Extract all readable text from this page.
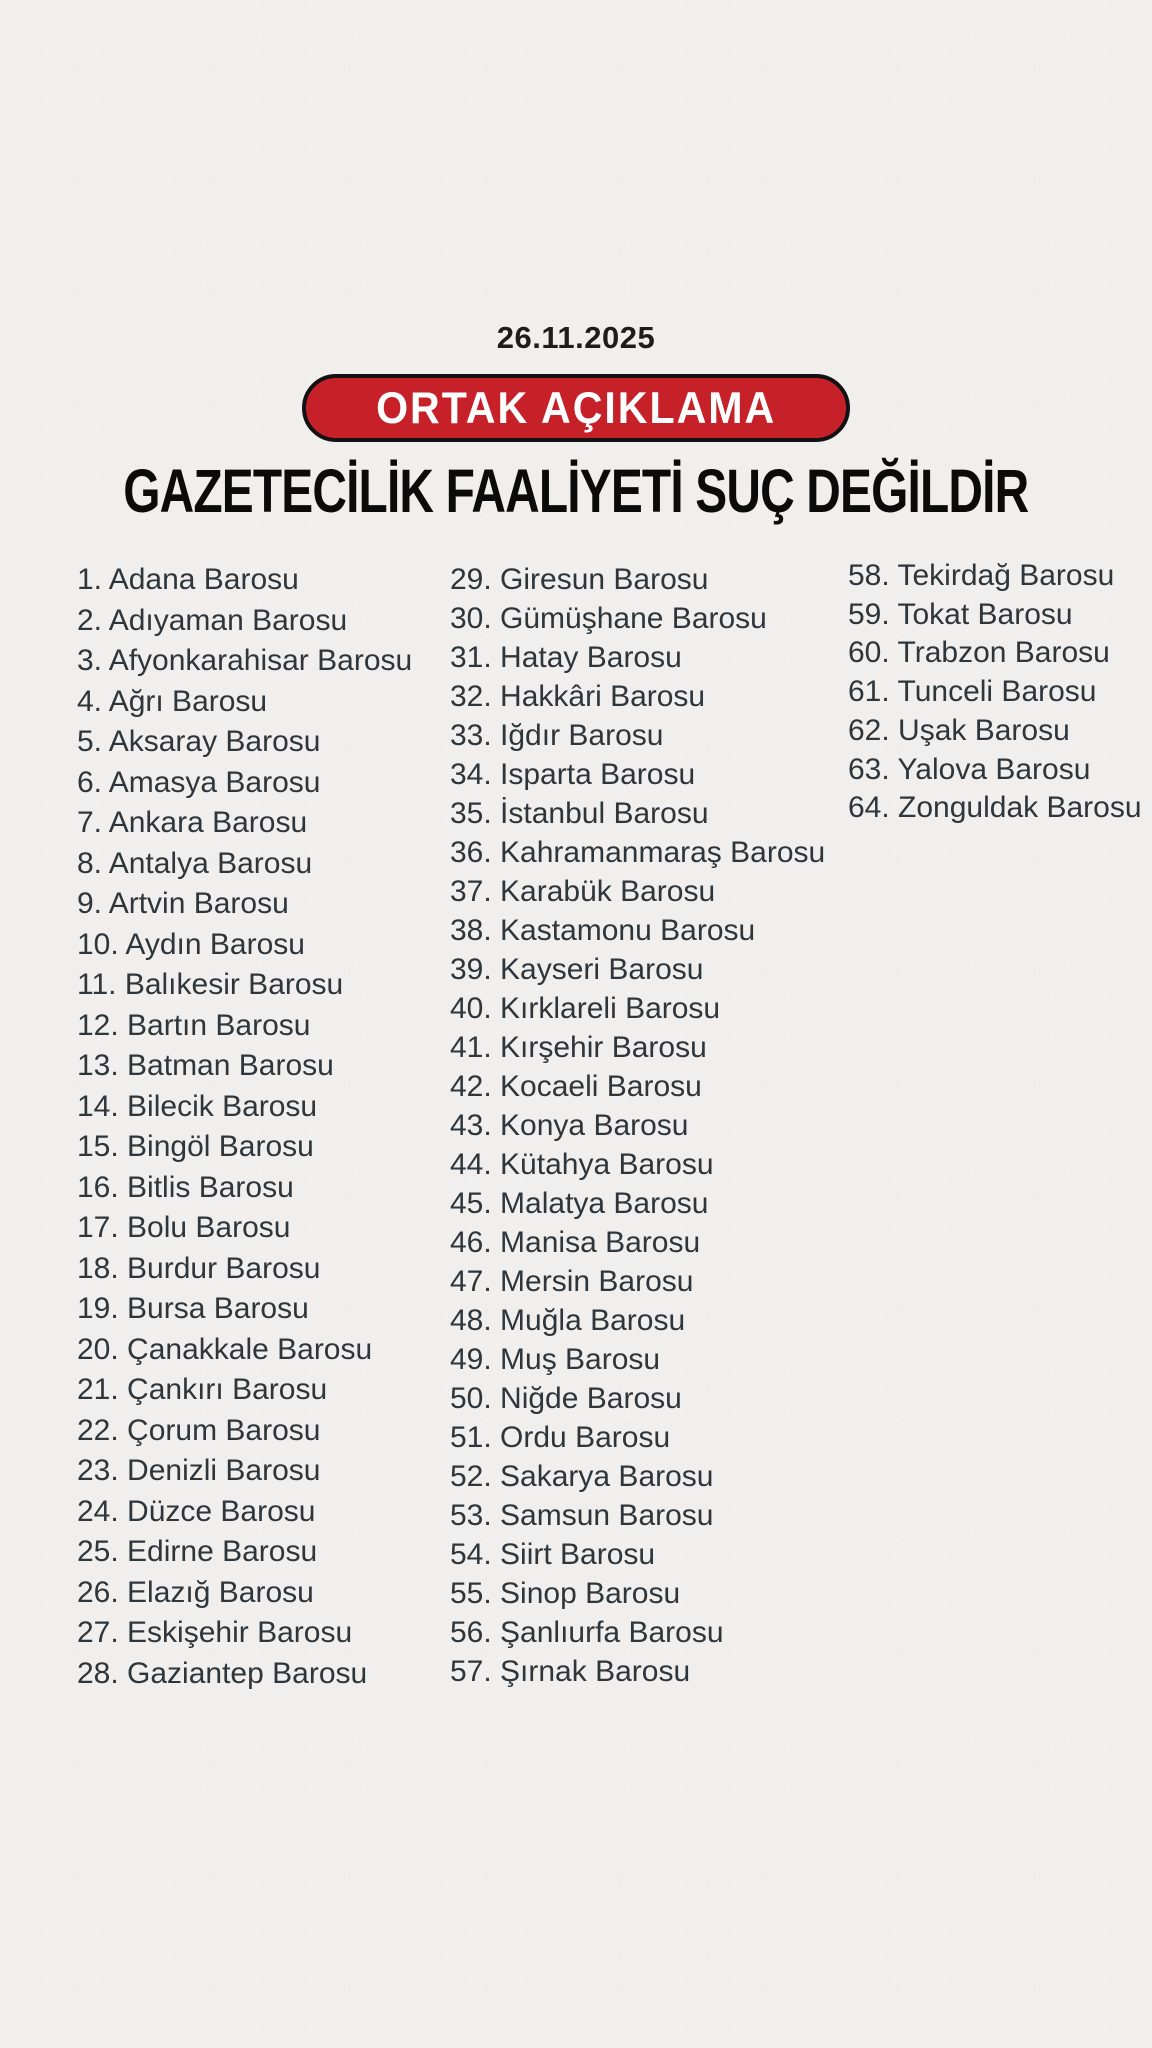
26.11.2025
ORTAK AÇIKLAMA
GAZETECİLİK FAALİYETİ SUÇ DEĞİLDİR
1. Adana Barosu
2. Adıyaman Barosu
3. Afyonkarahisar Barosu
4. Ağrı Barosu
5. Aksaray Barosu
6. Amasya Barosu
7. Ankara Barosu
8. Antalya Barosu
9. Artvin Barosu
10. Aydın Barosu
11. Balıkesir Barosu
12. Bartın Barosu
13. Batman Barosu
14. Bilecik Barosu
15. Bingöl Barosu
16. Bitlis Barosu
17. Bolu Barosu
18. Burdur Barosu
19. Bursa Barosu
20. Çanakkale Barosu
21. Çankırı Barosu
22. Çorum Barosu
23. Denizli Barosu
24. Düzce Barosu
25. Edirne Barosu
26. Elazığ Barosu
27. Eskişehir Barosu
28. Gaziantep Barosu
29. Giresun Barosu
30. Gümüşhane Barosu
31. Hatay Barosu
32. Hakkâri Barosu
33. Iğdır Barosu
34. Isparta Barosu
35. İstanbul Barosu
36. Kahramanmaraş Barosu
37. Karabük Barosu
38. Kastamonu Barosu
39. Kayseri Barosu
40. Kırklareli Barosu
41. Kırşehir Barosu
42. Kocaeli Barosu
43. Konya Barosu
44. Kütahya Barosu
45. Malatya Barosu
46. Manisa Barosu
47. Mersin Barosu
48. Muğla Barosu
49. Muş Barosu
50. Niğde Barosu
51. Ordu Barosu
52. Sakarya Barosu
53. Samsun Barosu
54. Siirt Barosu
55. Sinop Barosu
56. Şanlıurfa Barosu
57. Şırnak Barosu
58. Tekirdağ Barosu
59. Tokat Barosu
60. Trabzon Barosu
61. Tunceli Barosu
62. Uşak Barosu
63. Yalova Barosu
64. Zonguldak Barosu
